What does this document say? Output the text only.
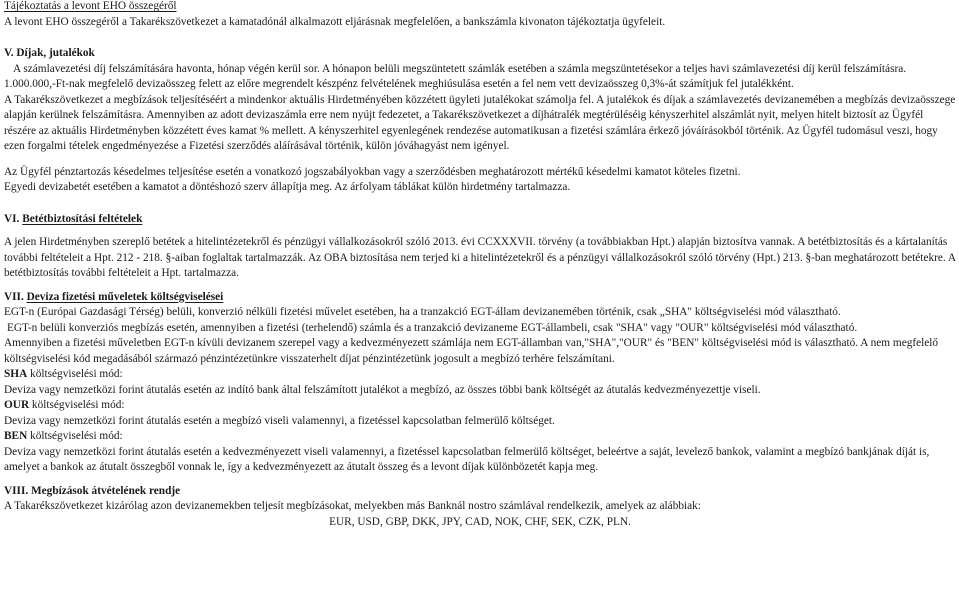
Tájékoztatás a levont EHO összegéről

A levont EHO összegéről a Takarékszövetkezet a kamatadónál alkalmazott eljárásnak megfelelően, a bankszámla kivonaton tájékoztatja ügyfeleit.

V. Díjak, jutalékok

A számlavezetési díj felszámítására havonta, hónap végén kerül sor. A hónapon belüli megszüntetett számlák esetében a számla megszüntetésekor a teljes havi számlavezetési díj kerül felszámításra.

1.000.000,-Ft-nak megfelelő devizaösszeg felett az előre megrendelt készpénz felvételének meghiúsulása esetén a fel nem vett devizaösszeg 0,3%-át számítjuk fel jutalékként.

A Takarékszövetkezet a megbízások teljesítéséért a mindenkor aktuális Hirdetményében közzétett ügyleti jutalékokat számolja fel. A jutalékok és díjak a számlavezetés devizanemében a megbízás devizaösszege alapján kerülnek felszámításra. Amennyiben az adott devizaszámla erre nem nyújt fedezetet, a Takarékszövetkezet a díjhátralék megtérüléséig kényszerhitel alszámlát nyit, melyen hitelt biztosít az Ügyfél részére az aktuális Hirdetményben közzétett éves kamat % mellett. A kényszerhitel egyenlegének rendezése automatikusan a fizetési számlára érkező jóváírásokból történik. Az Ügyfél tudomásul veszi, hogy ezen forgalmi tételek engedményezése a Fizetési szerződés aláírásával történik, külön jóváhagyást nem igényel.

Az Ügyfél pénztartozás késedelmes teljesítése esetén a vonatkozó jogszabályokban vagy a szerződésben meghatározott mértékű késedelmi kamatot köteles fizetni.

Egyedi devizabetét esetében a kamatot a döntéshozó szerv állapítja meg. Az árfolyam táblákat külön hirdetmény tartalmazza.

VI. Betétbiztosítási feltételek

A jelen Hirdetményben szereplő betétek a hitelintézetekről és pénzügyi vállalkozásokról szóló 2013. évi CCXXXVII. törvény (a továbbiakban Hpt.) alapján biztosítva vannak. A betétbiztosítás és a kártalanítás további feltételeit a Hpt. 212 - 218. §-aiban foglaltak tartalmazzák. Az OBA biztosítása nem terjed ki a hitelintézetekről és a pénzügyi vállalkozásokról szóló törvény (Hpt.) 213. §-ban meghatározott betétekre. A betétbiztosítás további feltételeit a Hpt. tartalmazza.

VII. Deviza fizetési műveletek költségviselései

EGT-n (Európai Gazdasági Térség) belüli, konverzió nélküli fizetési művelet esetében, ha a tranzakció EGT-állam devizanemében történik, csak „SHA" költségviselési mód választható.

EGT-n belüli konverziós megbízás esetén, amennyiben a fizetési (terhelendő) számla és a tranzakció devizaneme EGT-állambeli, csak "SHA" vagy "OUR" költségviselési mód választható.

Amennyiben a fizetési műveletben EGT-n kívüli devizanem szerepel vagy a kedvezményezett számlája nem EGT-államban van,"SHA","OUR" és "BEN" költségviselési mód is választható. A nem megfelelő költségviselési kód megadásából származó pénzintézetünkre visszaterhelt díjat pénzintézetünk jogosult a megbízó terhére felszámítani.

SHA költségviselési mód:

Deviza vagy nemzetközi forint átutalás esetén az indító bank által felszámított jutalékot a megbízó, az összes többi bank költségét az átutalás kedvezményezettje viseli.

OUR költségviselési mód:

Deviza vagy nemzetközi forint átutalás esetén a megbízó viseli valamennyi, a fizetéssel kapcsolatban felmerülő költséget.

BEN költségviselési mód:

Deviza vagy nemzetközi forint átutalás esetén a kedvezményezett viseli valamennyi, a fizetéssel kapcsolatban felmerülő költséget, beleértve a saját, levelező bankok, valamint a megbízó bankjának díját is, amelyet a bankok az átutalt összegből vonnak le, így a kedvezményezett az átutalt összeg és a levont díjak különbözetét kapja meg.

VIII. Megbízások átvételének rendje

A Takarékszövetkezet kizárólag azon devizanemekben teljesít megbízásokat, melyekben más Banknál nostro számlával rendelkezik, amelyek az alábbiak:

EUR, USD, GBP, DKK, JPY, CAD, NOK, CHF, SEK, CZK, PLN.
